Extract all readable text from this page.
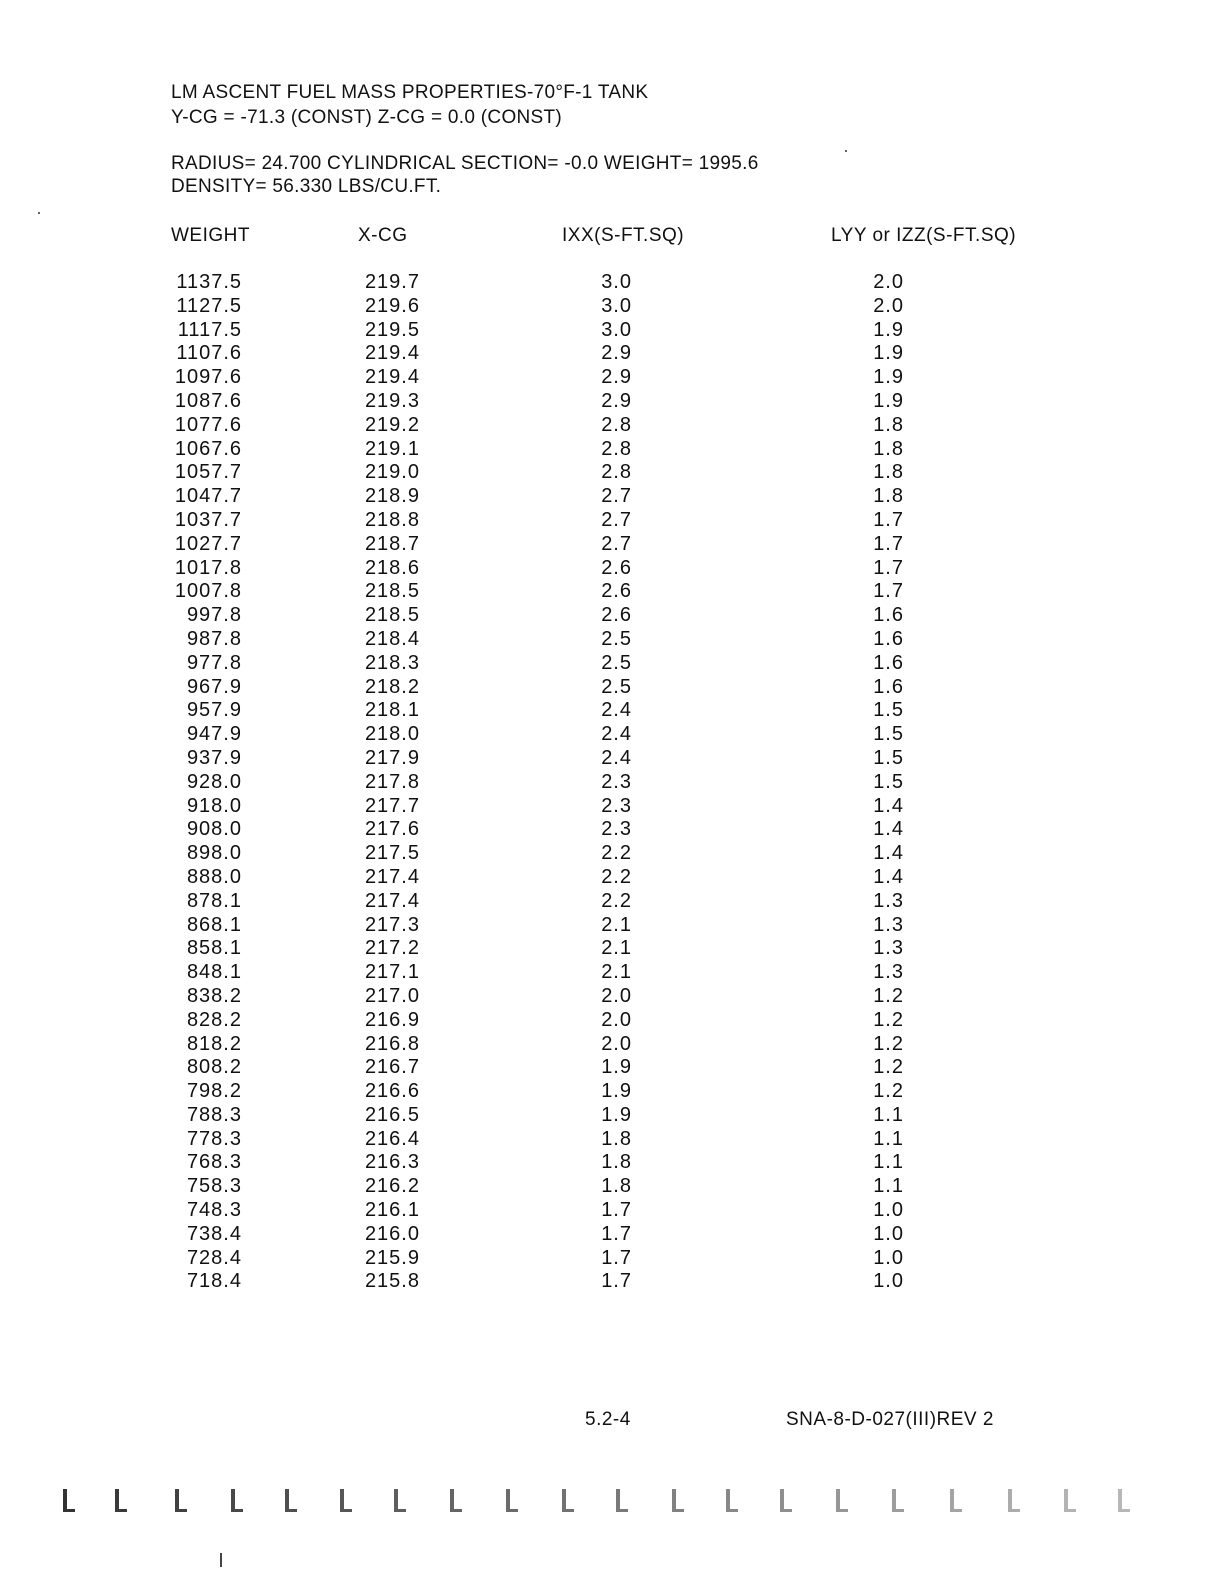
LM ASCENT FUEL MASS PROPERTIES-70°F-1 TANK
Y-CG = -71.3 (CONST) Z-CG = 0.0 (CONST)
RADIUS= 24.700 CYLINDRICAL SECTION= -0.0 WEIGHT= 1995.6
DENSITY= 56.330 LBS/CU.FT.
WEIGHT	X-CG	IXX(S-FT.SQ)	LYY or IZZ(S-FT.SQ)
1137.5	219.7	3.0	2.0
1127.5	219.6	3.0	2.0
1117.5	219.5	3.0	1.9
1107.6	219.4	2.9	1.9
1097.6	219.4	2.9	1.9
1087.6	219.3	2.9	1.9
1077.6	219.2	2.8	1.8
1067.6	219.1	2.8	1.8
1057.7	219.0	2.8	1.8
1047.7	218.9	2.7	1.8
1037.7	218.8	2.7	1.7
1027.7	218.7	2.7	1.7
1017.8	218.6	2.6	1.7
1007.8	218.5	2.6	1.7
997.8	218.5	2.6	1.6
987.8	218.4	2.5	1.6
977.8	218.3	2.5	1.6
967.9	218.2	2.5	1.6
957.9	218.1	2.4	1.5
947.9	218.0	2.4	1.5
937.9	217.9	2.4	1.5
928.0	217.8	2.3	1.5
918.0	217.7	2.3	1.4
908.0	217.6	2.3	1.4
898.0	217.5	2.2	1.4
888.0	217.4	2.2	1.4
878.1	217.4	2.2	1.3
868.1	217.3	2.1	1.3
858.1	217.2	2.1	1.3
848.1	217.1	2.1	1.3
838.2	217.0	2.0	1.2
828.2	216.9	2.0	1.2
818.2	216.8	2.0	1.2
808.2	216.7	1.9	1.2
798.2	216.6	1.9	1.2
788.3	216.5	1.9	1.1
778.3	216.4	1.8	1.1
768.3	216.3	1.8	1.1
758.3	216.2	1.8	1.1
748.3	216.1	1.7	1.0
738.4	216.0	1.7	1.0
728.4	215.9	1.7	1.0
718.4	215.8	1.7	1.0
5.2-4	SNA-8-D-027(III)REV 2
